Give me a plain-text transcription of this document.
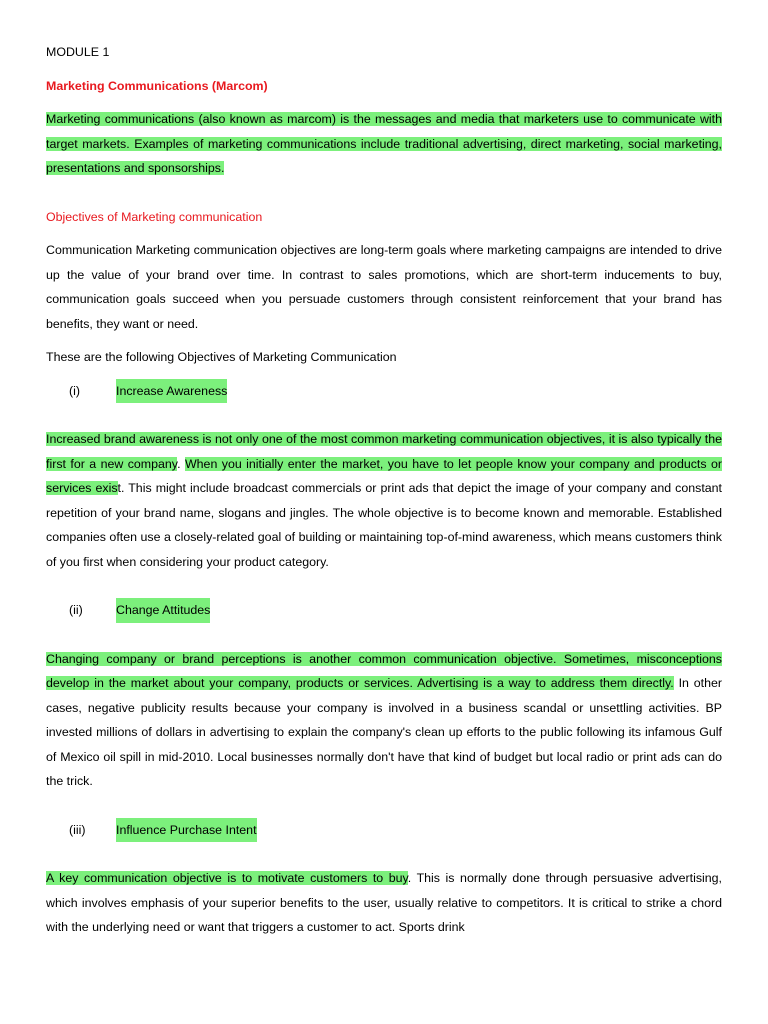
MODULE 1

Marketing Communications (Marcom)

Marketing communications (also known as marcom) is the messages and media that marketers use to communicate with target markets. Examples of marketing communications include traditional advertising, direct marketing, social marketing, presentations and sponsorships.

Objectives of Marketing communication

Communication Marketing communication objectives are long-term goals where marketing campaigns are intended to drive up the value of your brand over time. In contrast to sales promotions, which are short-term inducements to buy, communication goals succeed when you persuade customers through consistent reinforcement that your brand has benefits, they want or need.

These are the following Objectives of Marketing Communication

(i)	Increase Awareness

Increased brand awareness is not only one of the most common marketing communication objectives, it is also typically the first for a new company. When you initially enter the market, you have to let people know your company and products or services exist. This might include broadcast commercials or print ads that depict the image of your company and constant repetition of your brand name, slogans and jingles. The whole objective is to become known and memorable. Established companies often use a closely-related goal of building or maintaining top-of-mind awareness, which means customers think of you first when considering your product category.

(ii)	Change Attitudes

Changing company or brand perceptions is another common communication objective. Sometimes, misconceptions develop in the market about your company, products or services. Advertising is a way to address them directly. In other cases, negative publicity results because your company is involved in a business scandal or unsettling activities. BP invested millions of dollars in advertising to explain the company's clean up efforts to the public following its infamous Gulf of Mexico oil spill in mid-2010. Local businesses normally don't have that kind of budget but local radio or print ads can do the trick.

(iii)	Influence Purchase Intent

A key communication objective is to motivate customers to buy. This is normally done through persuasive advertising, which involves emphasis of your superior benefits to the user, usually relative to competitors. It is critical to strike a chord with the underlying need or want that triggers a customer to act. Sports drink
